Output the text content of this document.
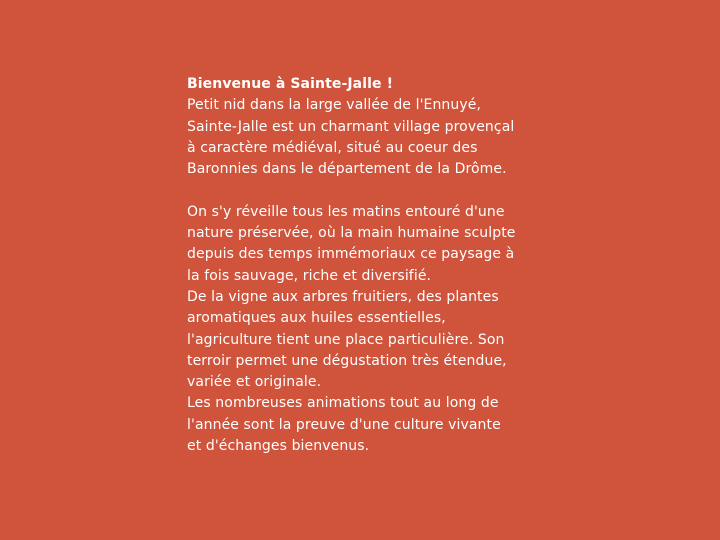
Bienvenue à Sainte-Jalle !
Petit nid dans la large vallée de l'Ennuyé,
Sainte-Jalle est un charmant village provençal
à caractère médiéval, situé au coeur des
Baronnies dans le département de la Drôme.
On s'y réveille tous les matins entouré d'une
nature préservée, où la main humaine sculpte
depuis des temps immémoriaux ce paysage à
la fois sauvage, riche et diversifié.
De la vigne aux arbres fruitiers, des plantes
aromatiques aux huiles essentielles,
l'agriculture tient une place particulière. Son
terroir permet une dégustation très étendue,
variée et originale.
Les nombreuses animations tout au long de
l'année sont la preuve d'une culture vivante
et d'échanges bienvenus.
